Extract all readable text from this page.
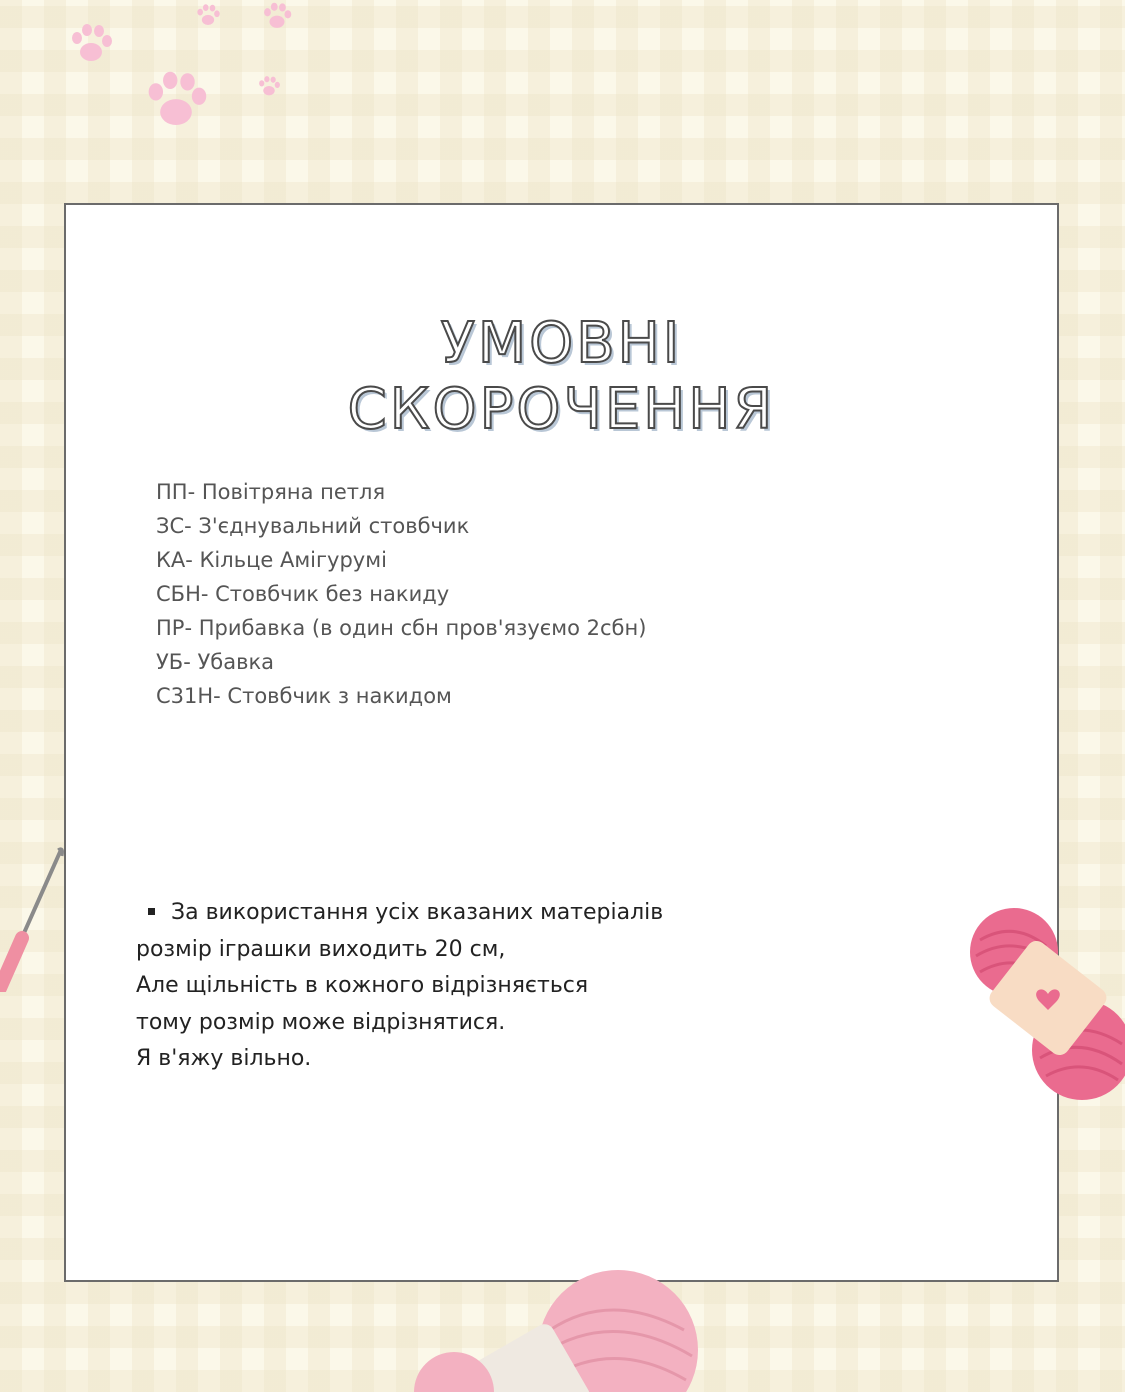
УМОВНІ
СКОРОЧЕННЯ
ПП- Повітряна петля
ЗС- З'єднувальний стовбчик
КА- Кільце Амігурумі
СБН- Стовбчик без накиду
ПР- Прибавка (в один сбн пров'язуємо 2сбн)
УБ- Убавка
С31Н- Стовбчик з накидом
За використання усіх вказаних матеріалів
розмір іграшки виходить 20 см,
Але щільність в кожного відрізняється
тому розмір може відрізнятися.
Я в'яжу вільно.
